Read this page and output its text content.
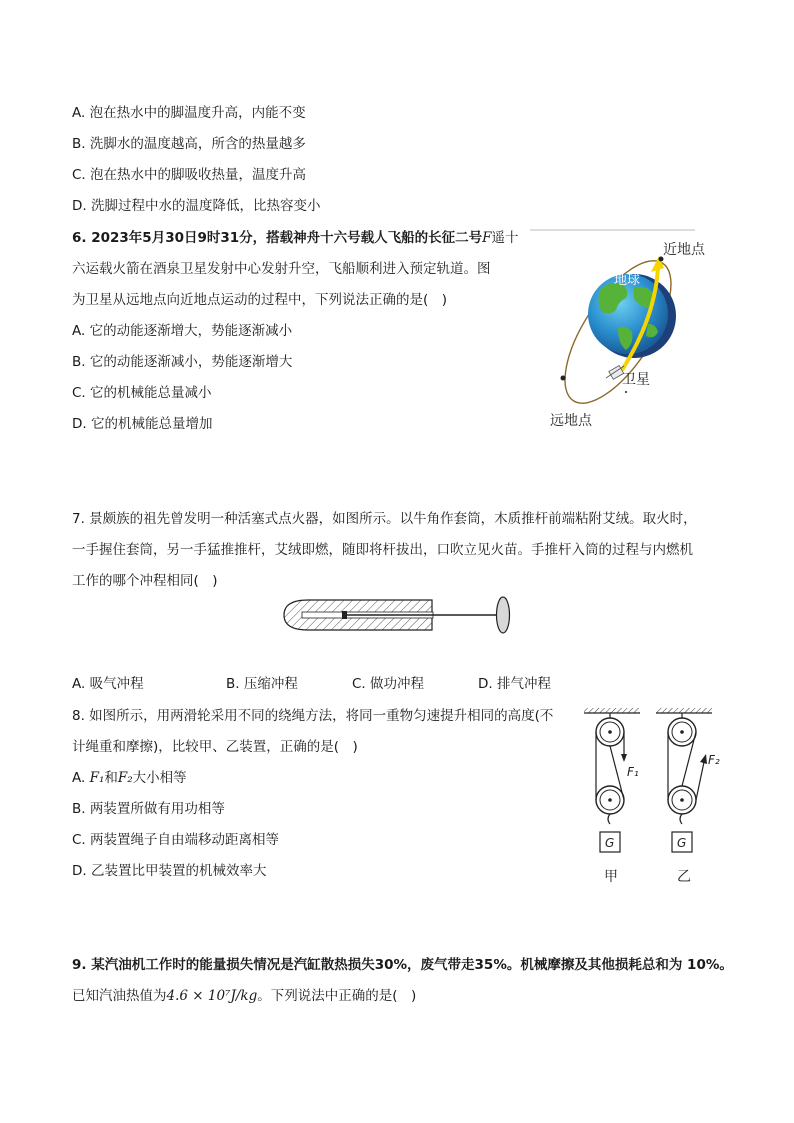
A. 泡在热水中的脚温度升高，内能不变
B. 洗脚水的温度越高，所含的热量越多
C. 泡在热水中的脚吸收热量，温度升高
D. 洗脚过程中水的温度降低，比热容变小
6. 2023年5月30日9时31分，搭载神舟十六号载人飞船的长征二号F遥十
六运载火箭在酒泉卫星发射中心发射升空，飞船顺利进入预定轨道。图
为卫星从远地点向近地点运动的过程中，下列说法正确的是(　)
A. 它的动能逐渐增大，势能逐渐减小
B. 它的动能逐渐减小，势能逐渐增大
C. 它的机械能总量减小
D. 它的机械能总量增加
近地点
地球
卫星
远地点
7. 景颇族的祖先曾发明一种活塞式点火器，如图所示。以牛角作套筒，木质推杆前端粘附艾绒。取火时，
一手握住套筒，另一手猛推推杆，艾绒即燃，随即将杆拔出，口吹立见火苗。手推杆入筒的过程与内燃机
工作的哪个冲程相同(　)
A. 吸气冲程	B. 压缩冲程	C. 做功冲程	D. 排气冲程
8. 如图所示，用两滑轮采用不同的绕绳方法，将同一重物匀速提升相同的高度(不
计绳重和摩擦)，比较甲、乙装置，正确的是(　)
A. F₁和F₂大小相等
B. 两装置所做有用功相等
C. 两装置绳子自由端移动距离相等
D. 乙装置比甲装置的机械效率大
G
F₁
甲
G
F₂
乙
9. 某汽油机工作时的能量损失情况是汽缸散热损失30%，废气带走35%。机械摩擦及其他损耗总和为 10%。
已知汽油热值为4.6 × 10⁷J/kg。下列说法中正确的是(　)
